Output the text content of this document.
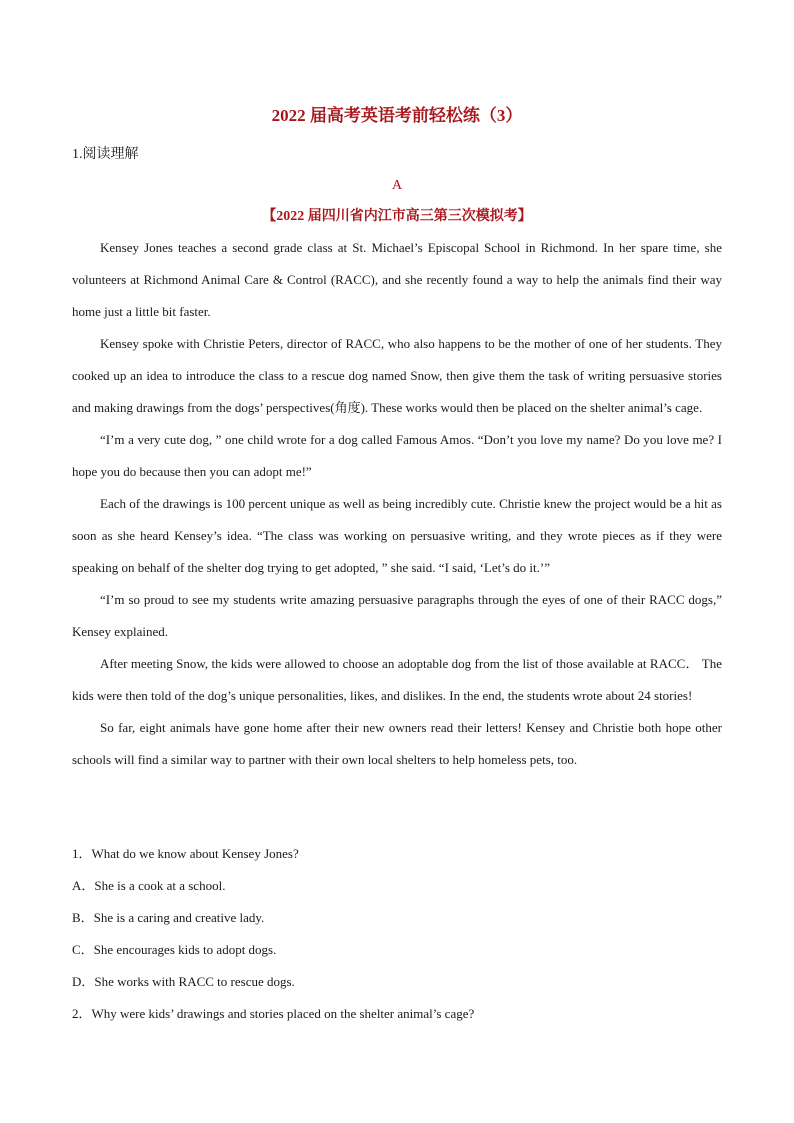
2022 届高考英语考前轻松练（3）

1.阅读理解

A

【2022 届四川省内江市高三第三次模拟考】

Kensey Jones teaches a second grade class at St. Michael’s Episcopal School in Richmond. In her spare time, she volunteers at Richmond Animal Care & Control (RACC), and she recently found a way to help the animals find their way home just a little bit faster.

Kensey spoke with Christie Peters, director of RACC, who also happens to be the mother of one of her students. They cooked up an idea to introduce the class to a rescue dog named Snow, then give them the task of writing persuasive stories and making drawings from the dogs’ perspectives(角度). These works would then be placed on the shelter animal’s cage.

“I’m a very cute dog, ” one child wrote for a dog called Famous Amos. “Don’t you love my name? Do you love me? I hope you do because then you can adopt me!”

Each of the drawings is 100 percent unique as well as being incredibly cute. Christie knew the project would be a hit as soon as she heard Kensey’s idea. “The class was working on persuasive writing, and they wrote pieces as if they were speaking on behalf of the shelter dog trying to get adopted, ” she said. “I said, ‘Let’s do it.’”

“I’m so proud to see my students write amazing persuasive paragraphs through the eyes of one of their RACC dogs,” Kensey explained.

After meeting Snow, the kids were allowed to choose an adoptable dog from the list of those available at RACC． The kids were then told of the dog’s unique personalities, likes, and dislikes. In the end, the students wrote about 24 stories!

So far, eight animals have gone home after their new owners read their letters! Kensey and Christie both hope other schools will find a similar way to partner with their own local shelters to help homeless pets, too.

1．What do we know about Kensey Jones?

A．She is a cook at a school.

B．She is a caring and creative lady.

C．She encourages kids to adopt dogs.

D．She works with RACC to rescue dogs.

2．Why were kids’ drawings and stories placed on the shelter animal’s cage?
